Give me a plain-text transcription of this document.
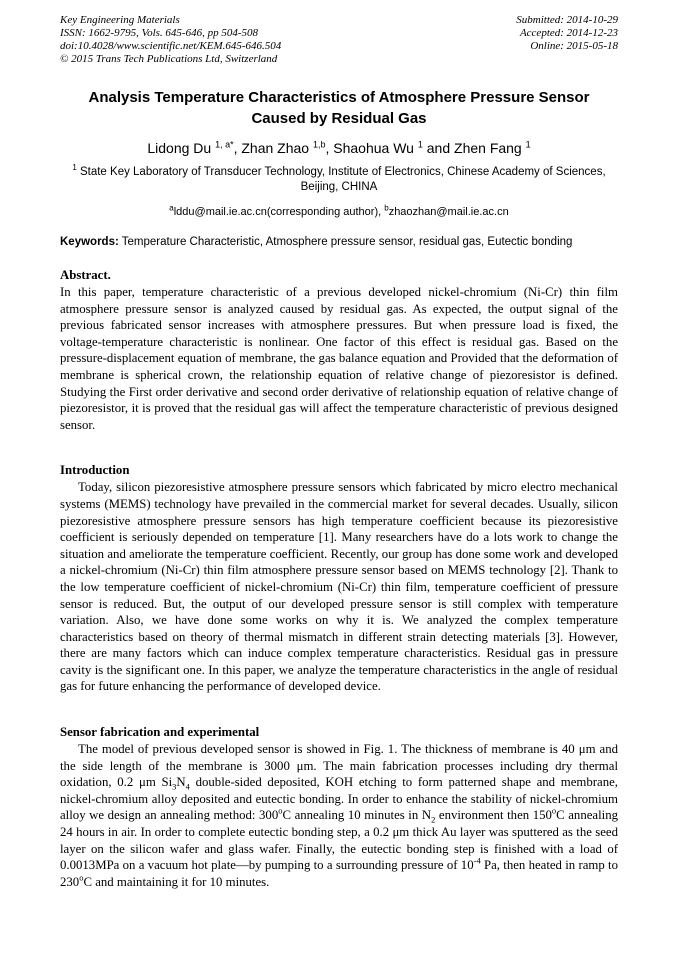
Key Engineering Materials
ISSN: 1662-9795, Vols. 645-646, pp 504-508
doi:10.4028/www.scientific.net/KEM.645-646.504
© 2015 Trans Tech Publications Ltd, Switzerland
Submitted: 2014-10-29
Accepted: 2014-12-23
Online: 2015-05-18
Analysis Temperature Characteristics of Atmosphere Pressure Sensor Caused by Residual Gas
Lidong Du $^{1, a*}$, Zhan Zhao $^{1,b}$, Shaohua Wu $^1$ and Zhen Fang $^1$
$^1$ State Key Laboratory of Transducer Technology, Institute of Electronics, Chinese Academy of Sciences, Beijing, CHINA
$^a$lddu@mail.ie.ac.cn(corresponding author), $^b$zhaozhan@mail.ie.ac.cn

Keywords: Temperature Characteristic, Atmosphere pressure sensor, residual gas, Eutectic bonding

Abstract.

In this paper, temperature characteristic of a previous developed nickel-chromium (Ni-Cr) thin film atmosphere pressure sensor is analyzed caused by residual gas. As expected, the output signal of the previous fabricated sensor increases with atmosphere pressures. But when pressure load is fixed, the voltage-temperature characteristic is nonlinear. One factor of this effect is residual gas. Based on the pressure-displacement equation of membrane, the gas balance equation and Provided that the deformation of membrane is spherical crown, the relationship equation of relative change of piezoresistor is defined. Studying the First order derivative and second order derivative of relationship equation of relative change of piezoresistor, it is proved that the residual gas will affect the temperature characteristic of previous designed sensor.

Introduction

Today, silicon piezoresistive atmosphere pressure sensors which fabricated by micro electro mechanical systems (MEMS) technology have prevailed in the commercial market for several decades. Usually, silicon piezoresistive atmosphere pressure sensors has high temperature coefficient because its piezoresistive coefficient is seriously depended on temperature [1]. Many researchers have do a lots work to change the situation and ameliorate the temperature coefficient. Recently, our group has done some work and developed a nickel-chromium (Ni-Cr) thin film atmosphere pressure sensor based on MEMS technology [2]. Thank to the low temperature coefficient of nickel-chromium (Ni-Cr) thin film, temperature coefficient of pressure sensor is reduced. But, the output of our developed pressure sensor is still complex with temperature variation. Also, we have done some works on why it is. We analyzed the complex temperature characteristics based on theory of thermal mismatch in different strain detecting materials [3]. However, there are many factors which can induce complex temperature characteristics. Residual gas in pressure cavity is the significant one. In this paper, we analyze the temperature characteristics in the angle of residual gas for future enhancing the performance of developed device.

Sensor fabrication and experimental

The model of previous developed sensor is showed in Fig. 1. The thickness of membrane is 40 μm and the side length of the membrane is 3000 μm. The main fabrication processes including dry thermal oxidation, 0.2 μm $Si_3N_4$ double-sided deposited, KOH etching to form patterned shape and membrane, nickel-chromium alloy deposited and eutectic bonding. In order to enhance the stability of nickel-chromium alloy we design an annealing method: 300$^o$C annealing 10 minutes in $N_2$ environment then 150$^o$C annealing 24 hours in air. In order to complete eutectic bonding step, a 0.2 μm thick Au layer was sputtered as the seed layer on the silicon wafer and glass wafer. Finally, the eutectic bonding step is finished with a load of 0.0013MPa on a vacuum hot plate—by pumping to a surrounding pressure of $10^{-4}$ Pa, then heated in ramp to 230$^o$C and maintaining it for 10 minutes.
